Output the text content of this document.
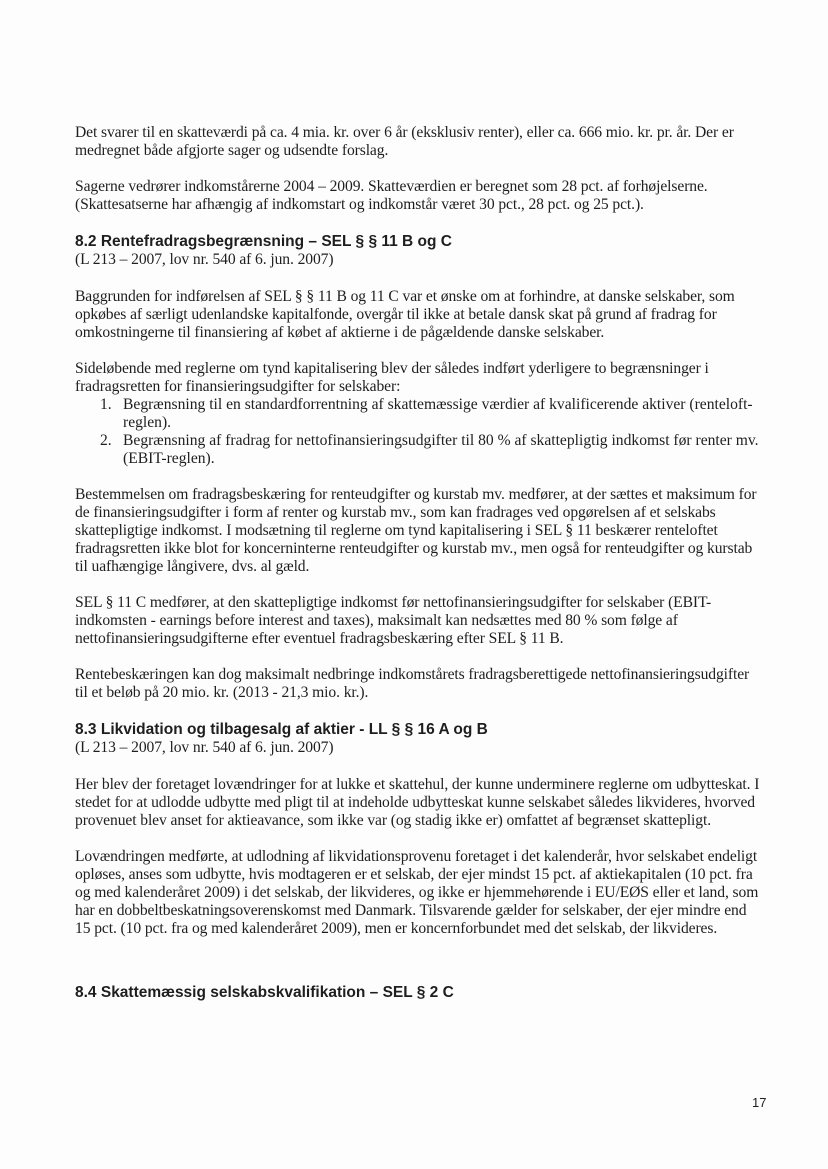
Det svarer til en skatteværdi på ca. 4 mia. kr. over 6 år (eksklusiv renter), eller ca. 666 mio. kr. pr. år. Der er medregnet både afgjorte sager og udsendte forslag.

Sagerne vedrører indkomstårerne 2004 – 2009. Skatteværdien er beregnet som 28 pct. af forhøjelserne. (Skattesatserne har afhængig af indkomstart og indkomstår været 30 pct., 28 pct. og 25 pct.).

8.2 Rentefradragsbegrænsning – SEL § § 11 B og C

(L 213 – 2007, lov nr. 540 af 6. jun. 2007)

Baggrunden for indførelsen af SEL § § 11 B og 11 C var et ønske om at forhindre, at danske selskaber, som opkøbes af særligt udenlandske kapitalfonde, overgår til ikke at betale dansk skat på grund af fradrag for omkostningerne til finansiering af købet af aktierne i de pågældende danske selskaber.

Sideløbende med reglerne om tynd kapitalisering blev der således indført yderligere to begrænsninger i fradragsretten for finansieringsudgifter for selskaber:

1. Begrænsning til en standardforrentning af skattemæssige værdier af kvalificerende aktiver (renteloft-reglen).
2. Begrænsning af fradrag for nettofinansieringsudgifter til 80 % af skattepligtig indkomst før renter mv. (EBIT-reglen).

Bestemmelsen om fradragsbeskæring for renteudgifter og kurstab mv. medfører, at der sættes et maksimum for de finansieringsudgifter i form af renter og kurstab mv., som kan fradrages ved opgørelsen af et selskabs skattepligtige indkomst. I modsætning til reglerne om tynd kapitalisering i SEL § 11 beskærer renteloftet fradragsretten ikke blot for koncerninterne renteudgifter og kurstab mv., men også for renteudgifter og kurstab til uafhængige långivere, dvs. al gæld.

SEL § 11 C medfører, at den skattepligtige indkomst før nettofinansieringsudgifter for selskaber (EBIT-indkomsten - earnings before interest and taxes), maksimalt kan nedsættes med 80 % som følge af nettofinansieringsudgifterne efter eventuel fradragsbeskæring efter SEL § 11 B.

Rentebeskæringen kan dog maksimalt nedbringe indkomstårets fradragsberettigede nettofinansieringsudgifter til et beløb på 20 mio. kr. (2013 - 21,3 mio. kr.).

8.3 Likvidation og tilbagesalg af aktier - LL § § 16 A og B

(L 213 – 2007, lov nr. 540 af 6. jun. 2007)

Her blev der foretaget lovændringer for at lukke et skattehul, der kunne underminere reglerne om udbytteskat. I stedet for at udlodde udbytte med pligt til at indeholde udbytteskat kunne selskabet således likvideres, hvorved provenuet blev anset for aktieavance, som ikke var (og stadig ikke er) omfattet af begrænset skattepligt.

Lovændringen medførte, at udlodning af likvidationsprovenu foretaget i det kalenderår, hvor selskabet endeligt opløses, anses som udbytte, hvis modtageren er et selskab, der ejer mindst 15 pct. af aktiekapitalen (10 pct. fra og med kalenderåret 2009) i det selskab, der likvideres, og ikke er hjemmehørende i EU/EØS eller et land, som har en dobbeltbeskatningsoverenskomst med Danmark. Tilsvarende gælder for selskaber, der ejer mindre end 15 pct. (10 pct. fra og med kalenderåret 2009), men er koncernforbundet med det selskab, der likvideres.

8.4 Skattemæssig selskabskvalifikation – SEL § 2 C
17
